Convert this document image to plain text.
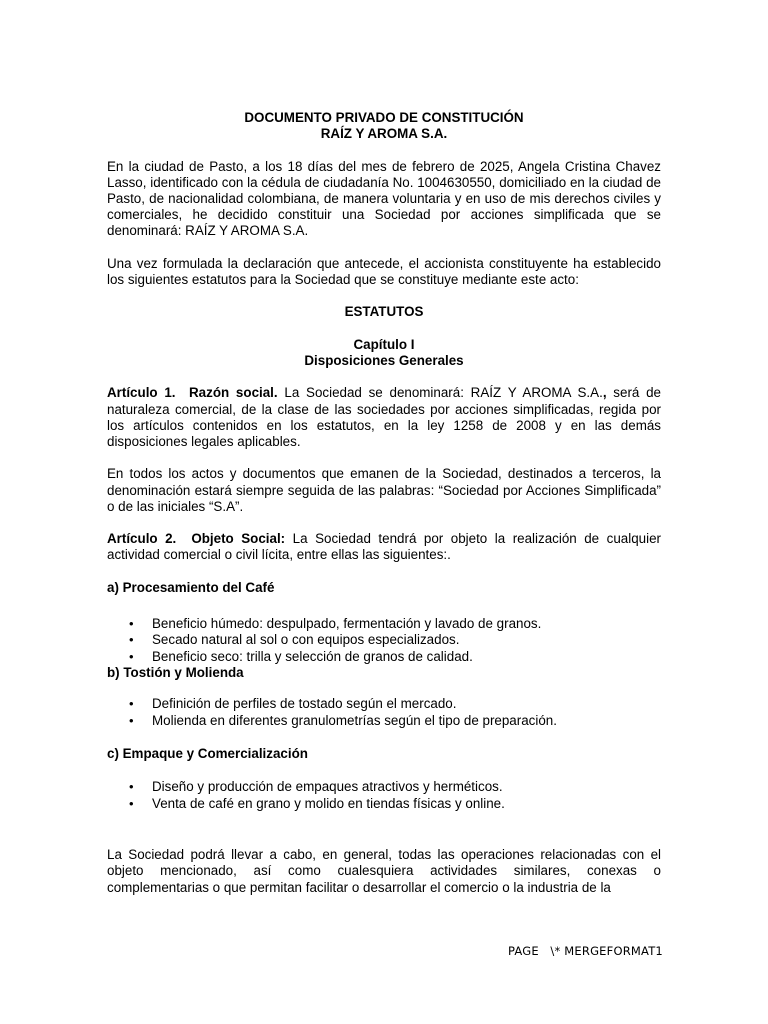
DOCUMENTO PRIVADO DE CONSTITUCIÓN

RAÍZ Y AROMA S.A.

En la ciudad de Pasto, a los 18 días del mes de febrero de 2025, Angela Cristina Chavez Lasso, identificado con la cédula de ciudadanía No. 1004630550, domiciliado en la ciudad de Pasto, de nacionalidad colombiana, de manera voluntaria y en uso de mis derechos civiles y comerciales, he decidido constituir una Sociedad por acciones simplificada que se denominará: RAÍZ Y AROMA S.A.

Una vez formulada la declaración que antecede, el accionista constituyente ha establecido los siguientes estatutos para la Sociedad que se constituye mediante este acto:

ESTATUTOS

Capítulo I

Disposiciones Generales

Artículo 1. Razón social. La Sociedad se denominará: RAÍZ Y AROMA S.A., será de naturaleza comercial, de la clase de las sociedades por acciones simplificadas, regida por los artículos contenidos en los estatutos, en la ley 1258 de 2008 y en las demás disposiciones legales aplicables.

En todos los actos y documentos que emanen de la Sociedad, destinados a terceros, la denominación estará siempre seguida de las palabras: “Sociedad por Acciones Simplificada” o de las iniciales “S.A”.

Artículo 2. Objeto Social: La Sociedad tendrá por objeto la realización de cualquier actividad comercial o civil lícita, entre ellas las siguientes:.

a) Procesamiento del Café

• Beneficio húmedo: despulpado, fermentación y lavado de granos.
• Secado natural al sol o con equipos especializados.
• Beneficio seco: trilla y selección de granos de calidad.

b) Tostión y Molienda

• Definición de perfiles de tostado según el mercado.
• Molienda en diferentes granulometrías según el tipo de preparación.

c) Empaque y Comercialización

• Diseño y producción de empaques atractivos y herméticos.
• Venta de café en grano y molido en tiendas físicas y online.

La Sociedad podrá llevar a cabo, en general, todas las operaciones relacionadas con el objeto mencionado, así como cualesquiera actividades similares, conexas o complementarias o que permitan facilitar o desarrollar el comercio o la industria de la

PAGE   \* MERGEFORMAT1
